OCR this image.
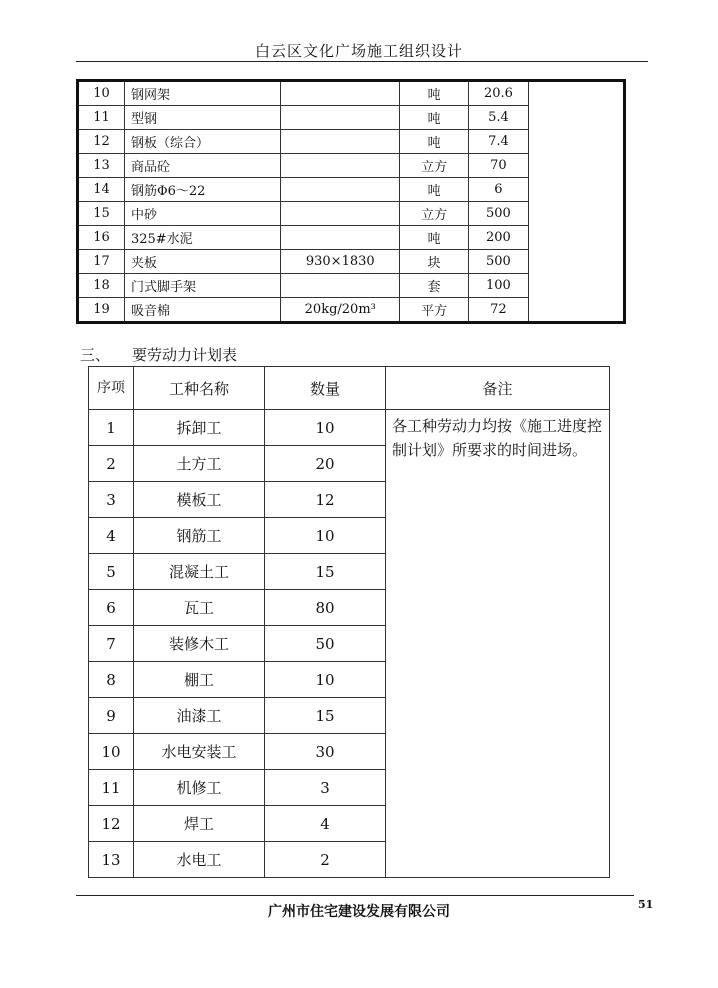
白云区文化广场施工组织设计
10	钢网架		吨	20.6	
11	型钢		吨	5.4	
12	钢板（综合）		吨	7.4	
13	商品砼		立方	70	
14	钢筋Φ6～22		吨	6	
15	中砂		立方	500	
16	325#水泥		吨	200	
17	夹板	930×1830	块	500	
18	门式脚手架		套	100	
19	吸音棉	20kg/20m³	平方	72	
三、 要劳动力计划表
序项	工种名称	数量	备注
1	拆卸工	10	各工种劳动力均按《施工进度控制计划》所要求的时间进场。
2	土方工	20	
3	模板工	12	
4	钢筋工	10	
5	混凝土工	15	
6	瓦工	80	
7	装修木工	50	
8	棚工	10	
9	油漆工	15	
10	水电安装工	30	
11	机修工	3	
12	焊工	4	
13	水电工	2	
广州市住宅建设发展有限公司	51
